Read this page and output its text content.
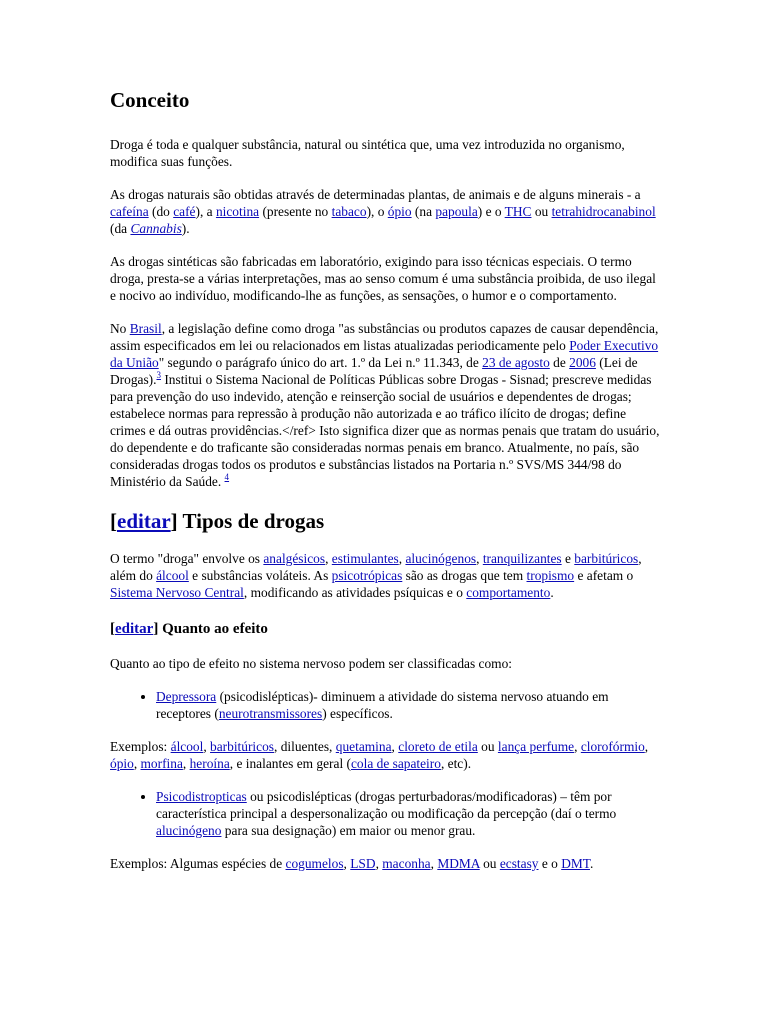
Conceito

Droga é toda e qualquer substância, natural ou sintética que, uma vez introduzida no organismo, modifica suas funções.

As drogas naturais são obtidas através de determinadas plantas, de animais e de alguns minerais - a cafeína (do café), a nicotina (presente no tabaco), o ópio (na papoula) e o THC ou tetrahidrocanabinol (da Cannabis).

As drogas sintéticas são fabricadas em laboratório, exigindo para isso técnicas especiais. O termo droga, presta-se a várias interpretações, mas ao senso comum é uma substância proibida, de uso ilegal e nocivo ao indivíduo, modificando-lhe as funções, as sensações, o humor e o comportamento.

No Brasil, a legislação define como droga "as substâncias ou produtos capazes de causar dependência, assim especificados em lei ou relacionados em listas atualizadas periodicamente pelo Poder Executivo da União" segundo o parágrafo único do art. 1.º da Lei n.º 11.343, de 23 de agosto de 2006 (Lei de Drogas).$^3$ Institui o Sistema Nacional de Políticas Públicas sobre Drogas - Sisnad; prescreve medidas para prevenção do uso indevido, atenção e reinserção social de usuários e dependentes de drogas; estabelece normas para repressão à produção não autorizada e ao tráfico ilícito de drogas; define crimes e dá outras providências.</ref> Isto significa dizer que as normas penais que tratam do usuário, do dependente e do traficante são consideradas normas penais em branco. Atualmente, no país, são consideradas drogas todos os produtos e substâncias listados na Portaria n.º SVS/MS 344/98 do Ministério da Saúde. $^4$

[editar] Tipos de drogas

O termo "droga" envolve os analgésicos, estimulantes, alucinógenos, tranquilizantes e barbitúricos, além do álcool e substâncias voláteis. As psicotrópicas são as drogas que tem tropismo e afetam o Sistema Nervoso Central, modificando as atividades psíquicas e o comportamento.

[editar] Quanto ao efeito

Quanto ao tipo de efeito no sistema nervoso podem ser classificadas como:

• Depressora (psicodislépticas)- diminuem a atividade do sistema nervoso atuando em receptores (neurotransmissores) específicos.

Exemplos: álcool, barbitúricos, diluentes, quetamina, cloreto de etila ou lança perfume, clorofórmio, ópio, morfina, heroína, e inalantes em geral (cola de sapateiro, etc).

• Psicodistropticas ou psicodislépticas (drogas perturbadoras/modificadoras) – têm por característica principal a despersonalização ou modificação da percepção (daí o termo alucinógeno para sua designação) em maior ou menor grau.

Exemplos: Algumas espécies de cogumelos, LSD, maconha, MDMA ou ecstasy e o DMT.
